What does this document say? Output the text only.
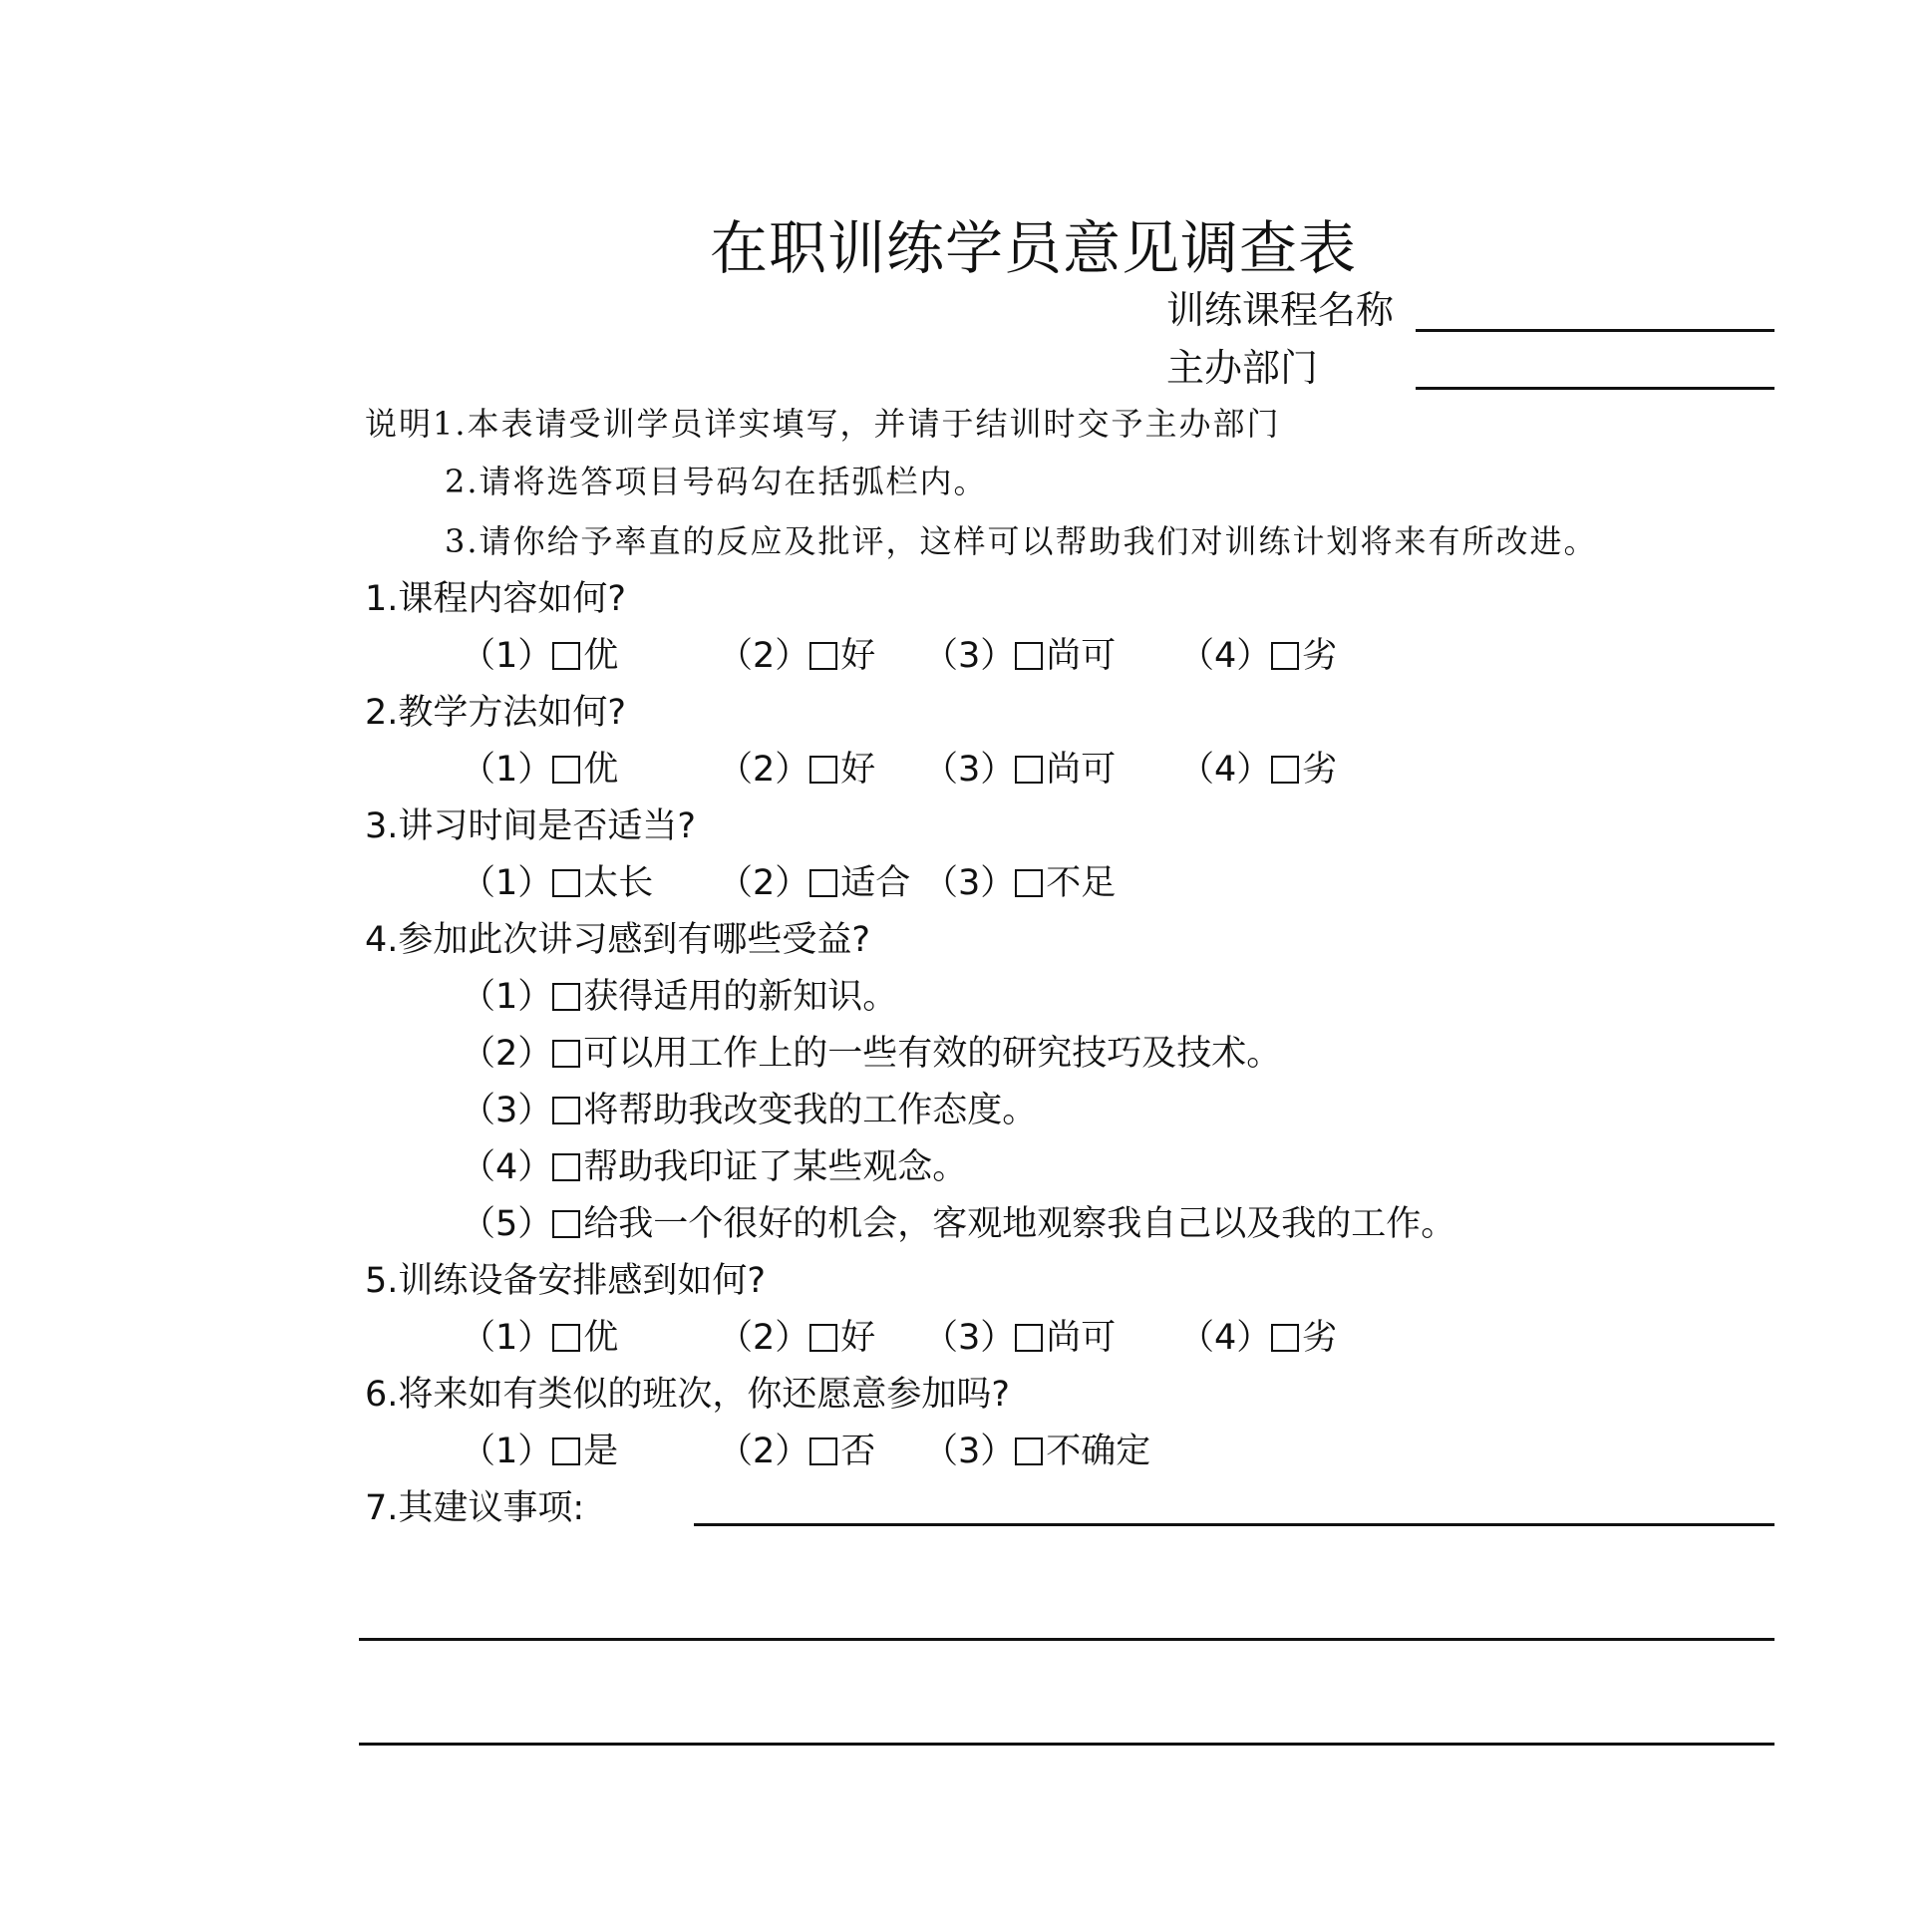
在职训练学员意见调查表
训练课程名称
主办部门
说明1.本表请受训学员详实填写，并请于结训时交予主办部门
2.请将选答项目号码勾在括弧栏内。
3.请你给予率直的反应及批评，这样可以帮助我们对训练计划将来有所改进。
1.课程内容如何?
（1） 优	（2） 好 （3） 尚可 （4） 劣
2.教学方法如何?
（1） 优	（2） 好 （3） 尚可 （4） 劣
3.讲习时间是否适当?
（1） 太长 （2） 适合 （3） 不足
4.参加此次讲习感到有哪些受益?
（1） 获得适用的新知识。
（2） 可以用工作上的一些有效的研究技巧及技术。
（3） 将帮助我改变我的工作态度。
（4） 帮助我印证了某些观念。
（5） 给我一个很好的机会，客观地观察我自己以及我的工作。
5.训练设备安排感到如何?
（1） 优	（2） 好 （3） 尚可 （4） 劣
6.将来如有类似的班次，你还愿意参加吗?
（1） 是	（2） 否 （3） 不确定
7.其建议事项:
